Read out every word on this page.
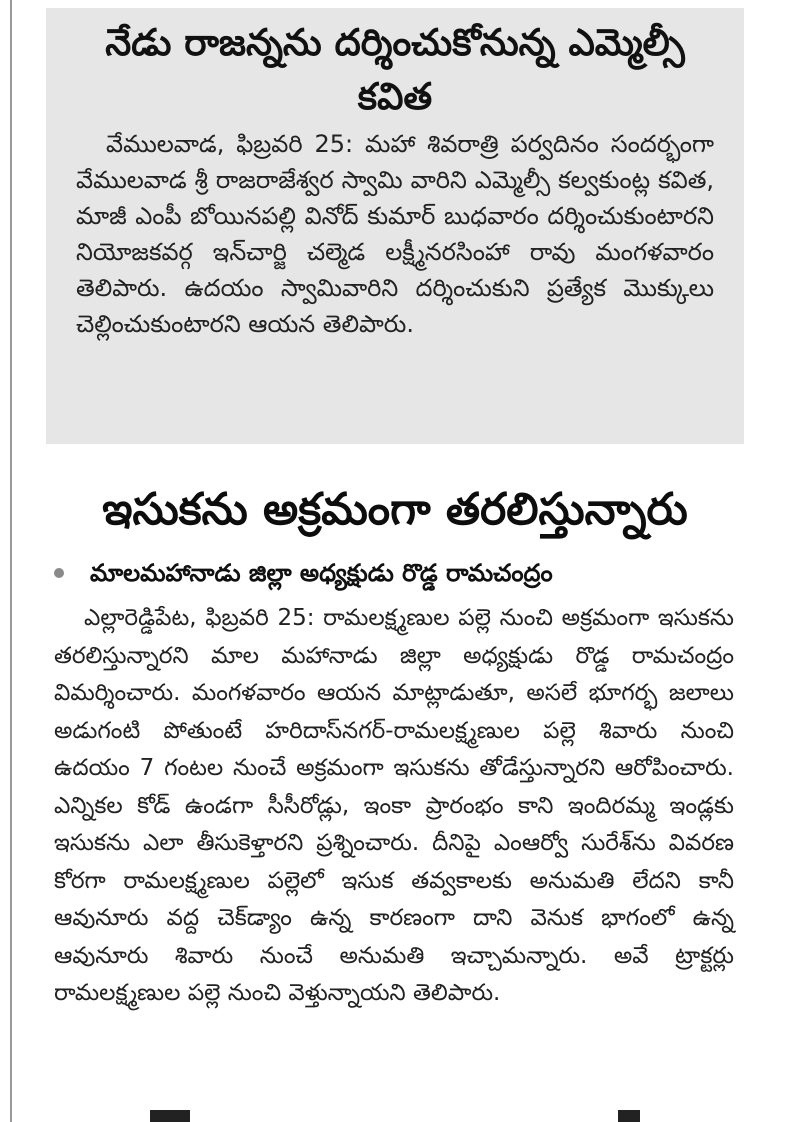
నేడు రాజన్నను దర్శించుకోనున్న ఎమ్మెల్సీ కవిత

వేములవాడ, ఫిబ్రవరి 25: మహా శివరాత్రి పర్వదినం సందర్భంగా వేములవాడ శ్రీ రాజరాజేశ్వర స్వామి వారిని ఎమ్మెల్సీ కల్వకుంట్ల కవిత, మాజీ ఎంపీ బోయినపల్లి వినోద్ కుమార్ బుధవారం దర్శించుకుంటారని నియోజకవర్గ ఇన్‌చార్జి చల్మెడ లక్ష్మీనరసింహా రావు మంగళవారం తెలిపారు. ఉదయం స్వామివారిని దర్శించుకుని ప్రత్యేక మొక్కులు చెల్లించుకుంటారని ఆయన తెలిపారు.

ఇసుకను అక్రమంగా తరలిస్తున్నారు
మాలమహానాడు జిల్లా అధ్యక్షుడు రొడ్డ రామచంద్రం

ఎల్లారెడ్డిపేట, ఫిబ్రవరి 25: రామలక్ష్మణుల పల్లె నుంచి అక్రమంగా ఇసుకను తరలిస్తున్నారని మాల మహానాడు జిల్లా అధ్యక్షుడు రొడ్డ రామచంద్రం విమర్శించారు. మంగళవారం ఆయన మాట్లాడుతూ, అసలే భూగర్భ జలాలు అడుగంటి పోతుంటే హరిదాస్‌నగర్-రామలక్ష్మణుల పల్లె శివారు నుంచి ఉదయం 7 గంటల నుంచే అక్రమంగా ఇసుకను తోడేస్తున్నారని ఆరోపించారు. ఎన్నికల కోడ్ ఉండగా సీసీరోడ్లు, ఇంకా ప్రారంభం కాని ఇందిరమ్మ ఇండ్లకు ఇసుకను ఎలా తీసుకెళ్తారని ప్రశ్నించారు. దీనిపై ఎంఆర్వో సురేశ్‌ను వివరణ కోరగా రామలక్ష్మణుల పల్లెలో ఇసుక తవ్వకాలకు అనుమతి లేదని కానీ ఆవునూరు వద్ద చెక్‌డ్యాం ఉన్న కారణంగా దాని వెనుక భాగంలో ఉన్న ఆవునూరు శివారు నుంచే అనుమతి ఇచ్చామన్నారు. అవే ట్రాక్టర్లు రామలక్ష్మణుల పల్లె నుంచి వెళ్తున్నాయని తెలిపారు.
